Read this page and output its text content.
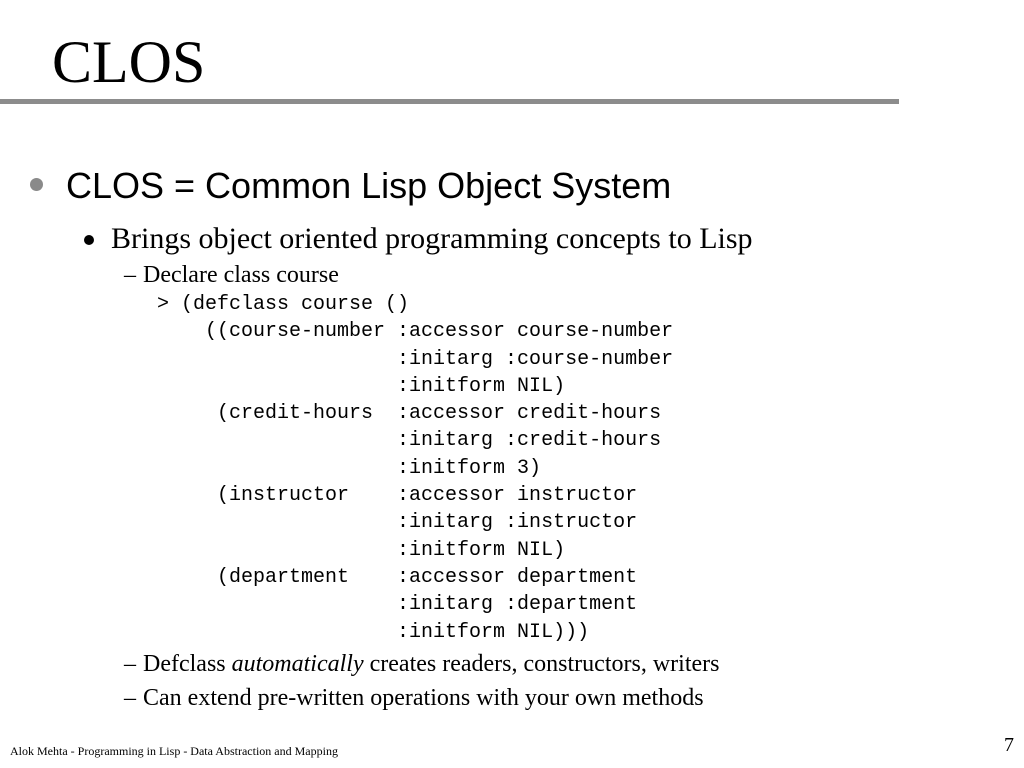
CLOS
CLOS = Common Lisp Object System
Brings object oriented programming concepts to Lisp
– Declare class course
> (defclass course ()
((course-number :accessor course-number
:initarg :course-number
:initform NIL)
(credit-hours  :accessor credit-hours
:initarg :credit-hours
:initform 3)
(instructor    :accessor instructor
:initarg :instructor
:initform NIL)
(department    :accessor department
:initarg :department
:initform NIL)))
– Defclass automatically creates readers, constructors, writers
– Can extend pre-written operations with your own methods
Alok Mehta - Programming in Lisp - Data Abstraction and Mapping	7
